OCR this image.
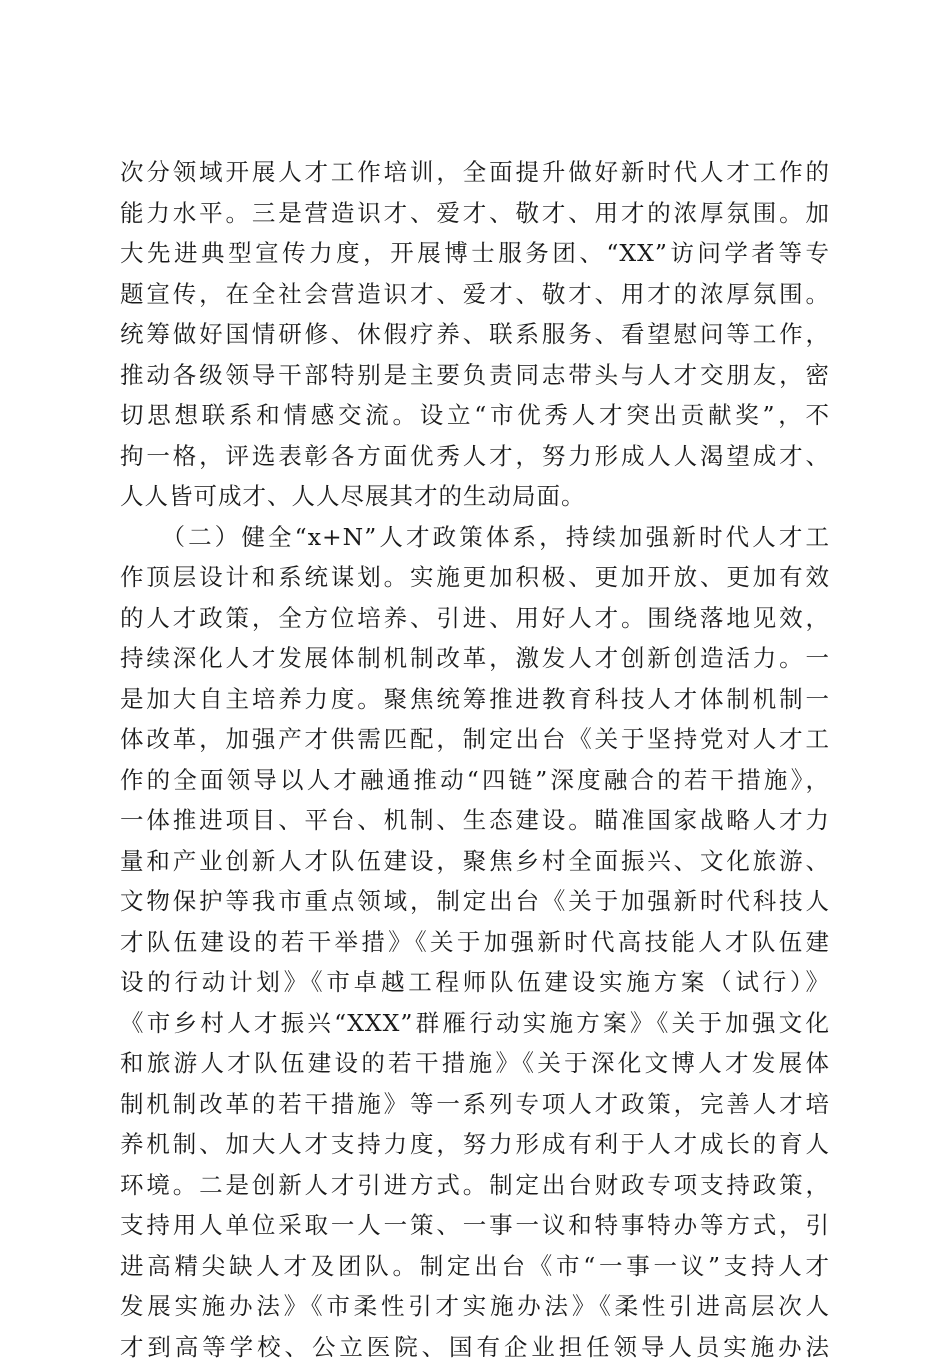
次分领域开展人才工作培训，全面提升做好新时代人才工作的
能力水平。三是营造识才、爱才、敬才、用才的浓厚氛围。加
大先进典型宣传力度，开展博士服务团、“XX”访问学者等专
题宣传，在全社会营造识才、爱才、敬才、用才的浓厚氛围。
统筹做好国情研修、休假疗养、联系服务、看望慰问等工作，
推动各级领导干部特别是主要负责同志带头与人才交朋友，密
切思想联系和情感交流。设立“市优秀人才突出贡献奖”，不
拘一格，评选表彰各方面优秀人才，努力形成人人渴望成才、
人人皆可成才、人人尽展其才的生动局面。
　　（二）健全“x+N”人才政策体系，持续加强新时代人才工
作顶层设计和系统谋划。实施更加积极、更加开放、更加有效
的人才政策，全方位培养、引进、用好人才。围绕落地见效，
持续深化人才发展体制机制改革，激发人才创新创造活力。一
是加大自主培养力度。聚焦统筹推进教育科技人才体制机制一
体改革，加强产才供需匹配，制定出台《关于坚持党对人才工
作的全面领导以人才融通推动“四链”深度融合的若干措施》，
一体推进项目、平台、机制、生态建设。瞄准国家战略人才力
量和产业创新人才队伍建设，聚焦乡村全面振兴、文化旅游、
文物保护等我市重点领域，制定出台《关于加强新时代科技人
才队伍建设的若干举措》《关于加强新时代高技能人才队伍建
设的行动计划》《市卓越工程师队伍建设实施方案（试行）》
《市乡村人才振兴“XXX”群雁行动实施方案》《关于加强文化
和旅游人才队伍建设的若干措施》《关于深化文博人才发展体
制机制改革的若干措施》等一系列专项人才政策，完善人才培
养机制、加大人才支持力度，努力形成有利于人才成长的育人
环境。二是创新人才引进方式。制定出台财政专项支持政策，
支持用人单位采取一人一策、一事一议和特事特办等方式，引
进高精尖缺人才及团队。制定出台《市“一事一议”支持人才
发展实施办法》《市柔性引才实施办法》《柔性引进高层次人
才到高等学校、公立医院、国有企业担任领导人员实施办法
